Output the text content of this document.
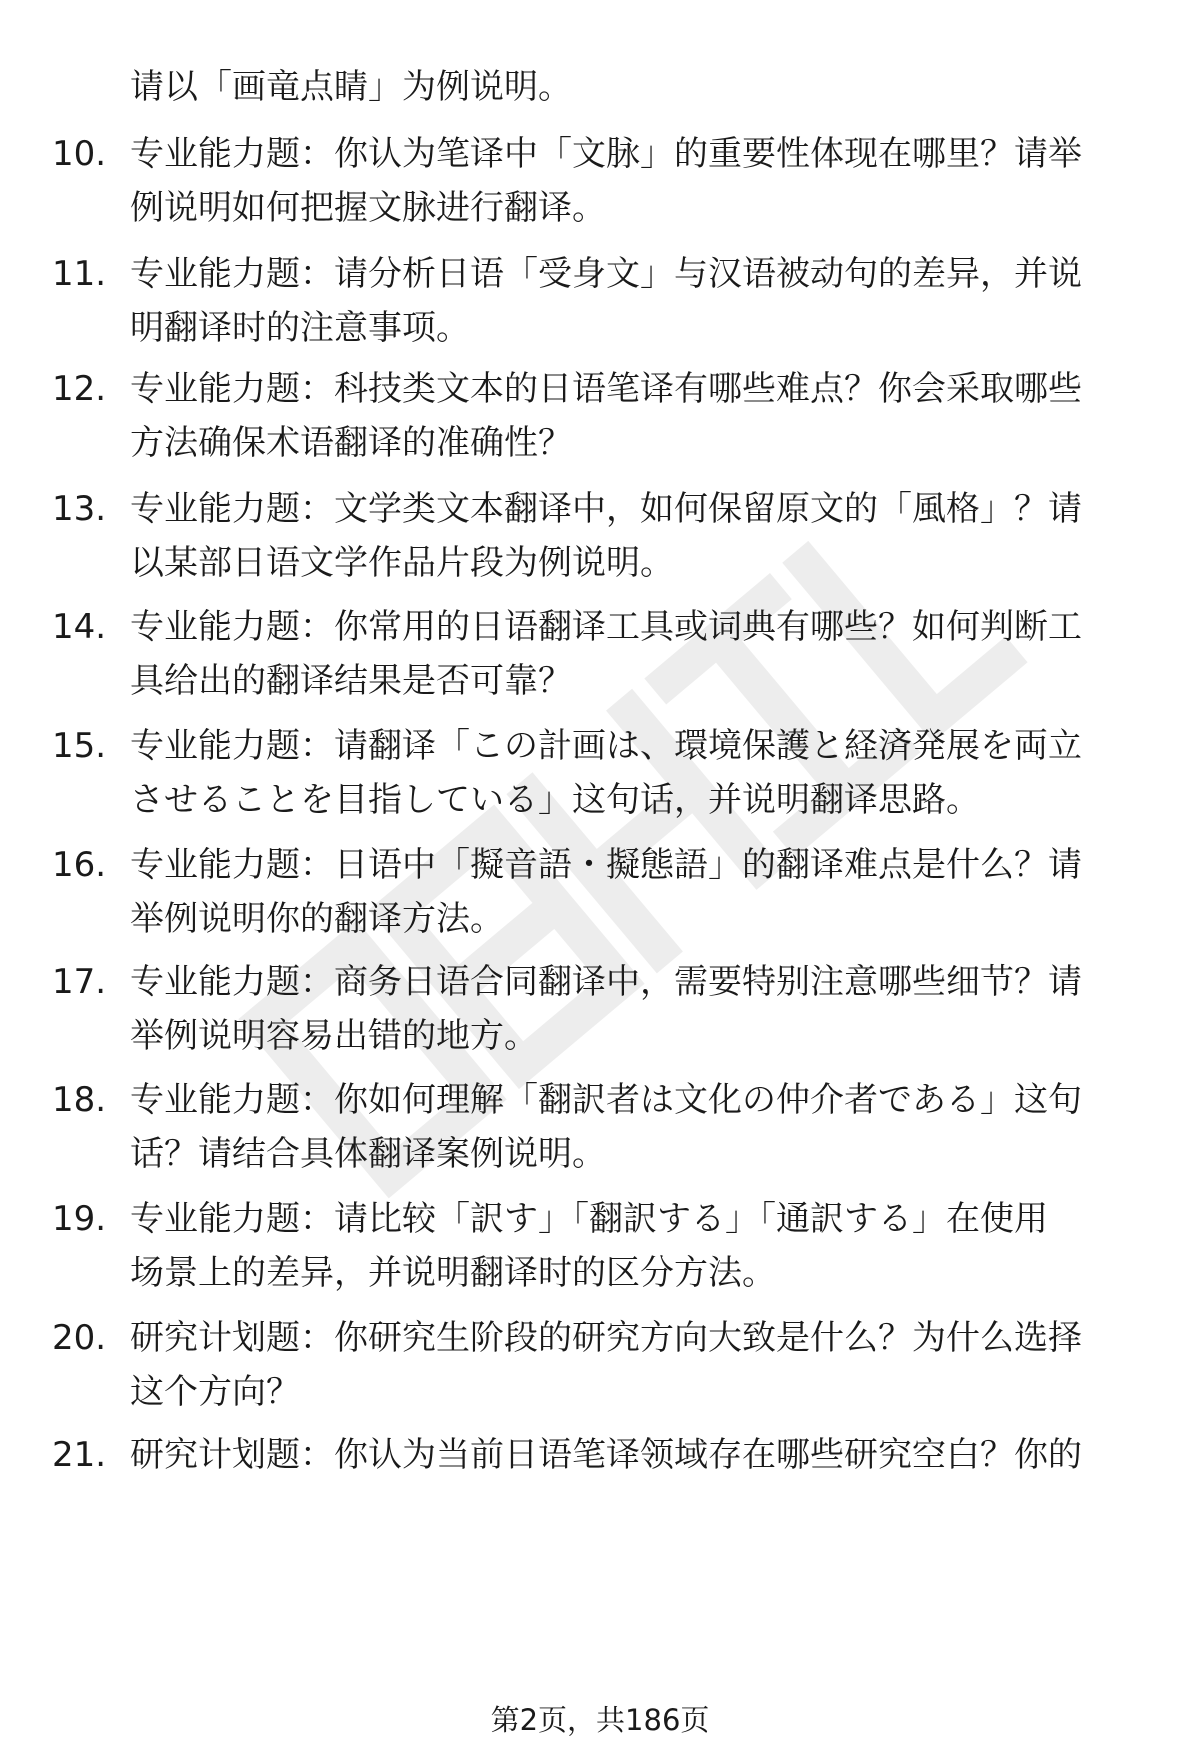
请以「画竜点睛」为例说明。
10. 专业能力题：你认为笔译中「文脉」的重要性体现在哪里？请举
例说明如何把握文脉进行翻译。
11. 专业能力题：请分析日语「受身文」与汉语被动句的差异，并说
明翻译时的注意事项。
12. 专业能力题：科技类文本的日语笔译有哪些难点？你会采取哪些
方法确保术语翻译的准确性？
13. 专业能力题：文学类文本翻译中，如何保留原文的「風格」？请
以某部日语文学作品片段为例说明。
14. 专业能力题：你常用的日语翻译工具或词典有哪些？如何判断工
具给出的翻译结果是否可靠？
15. 专业能力题：请翻译「この計画は、環境保護と経済発展を両立
させることを目指している」这句话，并说明翻译思路。
16. 专业能力题：日语中「擬音語・擬態語」的翻译难点是什么？请
举例说明你的翻译方法。
17. 专业能力题：商务日语合同翻译中，需要特别注意哪些细节？请
举例说明容易出错的地方。
18. 专业能力题：你如何理解「翻訳者は文化の仲介者である」这句
话？请结合具体翻译案例说明。
19. 专业能力题：请比较「訳す」「翻訳する」「通訳する」在使用
场景上的差异，并说明翻译时的区分方法。
20. 研究计划题：你研究生阶段的研究方向大致是什么？为什么选择
这个方向？
21. 研究计划题：你认为当前日语笔译领域存在哪些研究空白？你的
第2页，共186页
